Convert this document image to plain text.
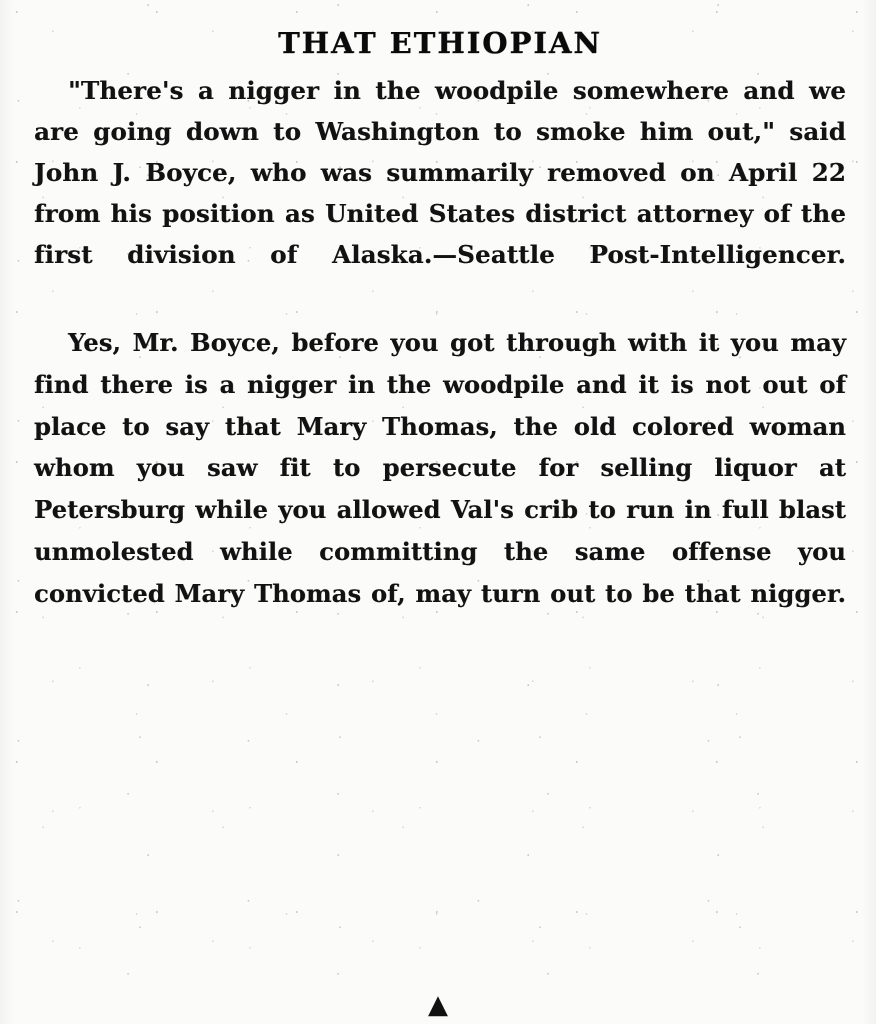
THAT ETHIOPIAN

"There's a nigger in the woodpile somewhere and we are going down to Washington to smoke him out," said John J. Boyce, who was summarily removed on April 22 from his position as United States district attorney of the first division of Alaska.—Seattle Post-Intelligencer.

Yes, Mr. Boyce, before you got through with it you may find there is a nigger in the woodpile and it is not out of place to say that Mary Thomas, the old colored woman whom you saw fit to persecute for selling liquor at Petersburg while you allowed Val's crib to run in full blast unmolested while committing the same offense you convicted Mary Thomas of, may turn out to be that nigger.

▲
